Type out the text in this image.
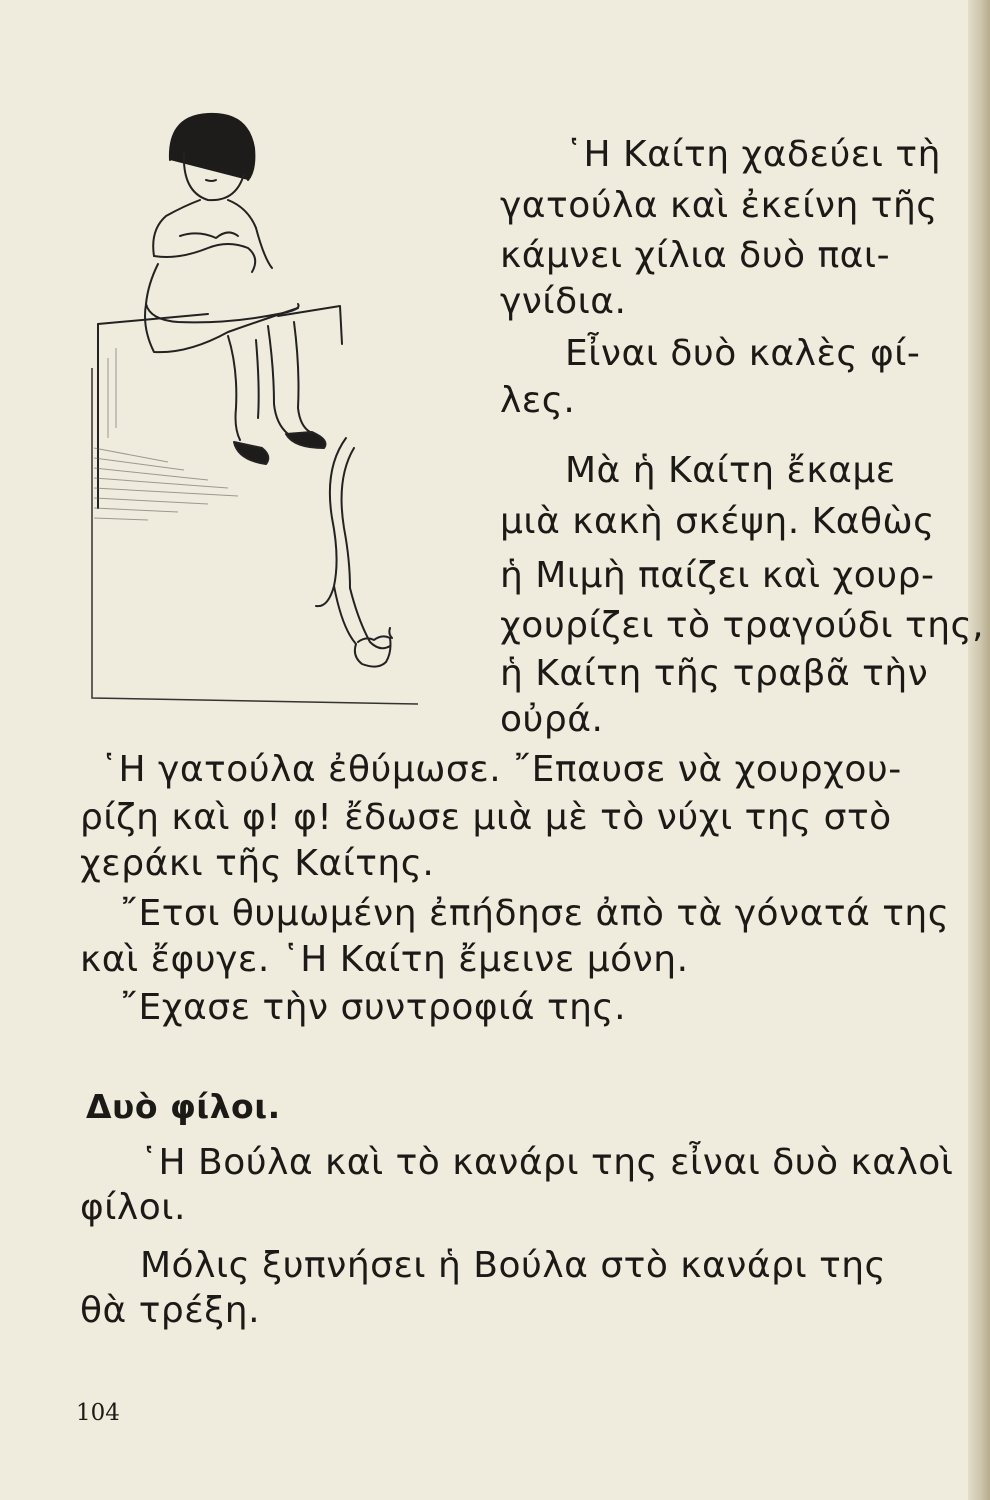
῾Η Καίτη χαδεύει τὴ

γατούλα καὶ ἐκείνη τῆς

κάμνει χίλια δυὸ παι-

γνίδια.

Εἶναι δυὸ καλὲς φί-

λες.

Μὰ ἡ Καίτη ἔκαμε

μιὰ κακὴ σκέψη. Καθὼς

ἡ Μιμὴ παίζει καὶ χουρ-

χουρίζει τὸ τραγούδι της,

ἡ Καίτη τῆς τραβᾶ τὴν

οὐρά.

῾Η γατούλα ἐθύμωσε. ῎Επαυσε νὰ χουρχου-

ρίζη καὶ φ! φ! ἔδωσε μιὰ μὲ τὸ νύχι της στὸ

χεράκι τῆς Καίτης.

῎Ετσι θυμωμένη ἐπήδησε ἀπὸ τὰ γόνατά της

καὶ ἔφυγε. ῾Η Καίτη ἔμεινε μόνη.

῎Εχασε τὴν συντροφιά της.

Δυὸ φίλοι.

῾Η Βούλα καὶ τὸ κανάρι της εἶναι δυὸ καλοὶ

φίλοι.

Μόλις ξυπνήσει ἡ Βούλα στὸ κανάρι της

θὰ τρέξη.

104
